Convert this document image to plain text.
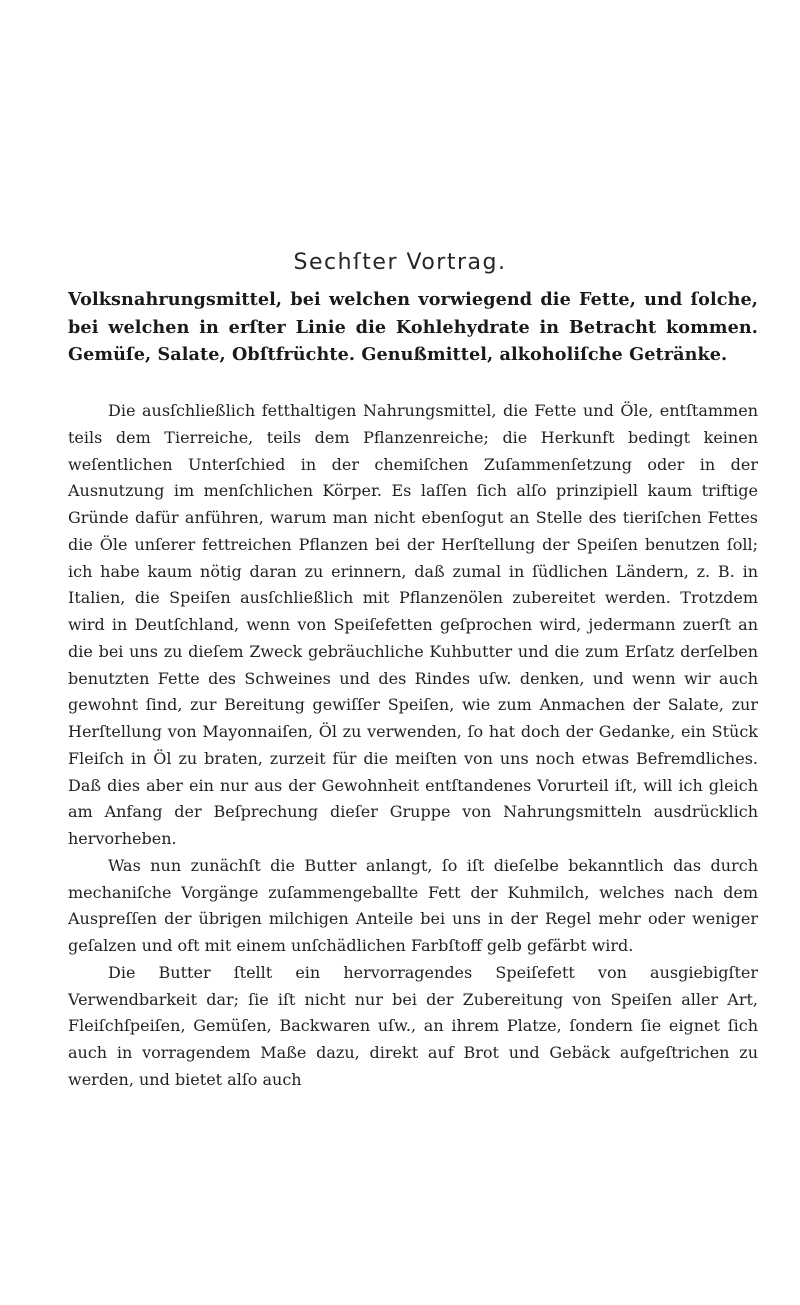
Sechſter Vortrag.
Volksnahrungsmittel, bei welchen vorwiegend die Fette, und ſolche, bei welchen in erſter Linie die Kohlehydrate in Betracht kommen. Gemüſe, Salate, Obſtfrüchte. Genußmittel, alkoholiſche Getränke.

Die ausſchließlich fetthaltigen Nahrungsmittel, die Fette und Öle, entſtammen teils dem Tierreiche, teils dem Pflanzenreiche; die Herkunft bedingt keinen weſentlichen Unterſchied in der chemiſchen Zuſammenſetzung oder in der Ausnutzung im menſchlichen Körper. Es laſſen ſich alſo prinzipiell kaum triftige Gründe dafür anführen, warum man nicht ebenſogut an Stelle des tieriſchen Fettes die Öle unſerer fettreichen Pflanzen bei der Herſtellung der Speiſen benutzen ſoll; ich habe kaum nötig daran zu erinnern, daß zumal in ſüdlichen Ländern, z. B. in Italien, die Speiſen ausſchließlich mit Pflanzenölen zubereitet werden. Trotzdem wird in Deutſchland, wenn von Speiſefetten geſprochen wird, jedermann zuerſt an die bei uns zu dieſem Zweck gebräuchliche Kuhbutter und die zum Erſatz derſelben benutzten Fette des Schweines und des Rindes uſw. denken, und wenn wir auch gewohnt ſind, zur Bereitung gewiſſer Speiſen, wie zum Anmachen der Salate, zur Herſtellung von Mayonnaiſen, Öl zu verwenden, ſo hat doch der Gedanke, ein Stück Fleiſch in Öl zu braten, zurzeit für die meiſten von uns noch etwas Befremdliches. Daß dies aber ein nur aus der Gewohnheit entſtandenes Vorurteil iſt, will ich gleich am Anfang der Beſprechung dieſer Gruppe von Nahrungsmitteln ausdrücklich hervorheben.

Was nun zunächſt die Butter anlangt, ſo iſt dieſelbe bekanntlich das durch mechaniſche Vorgänge zuſammengeballte Fett der Kuhmilch, welches nach dem Auspreſſen der übrigen milchigen Anteile bei uns in der Regel mehr oder weniger geſalzen und oft mit einem unſchädlichen Farbſtoff gelb gefärbt wird.

Die Butter ſtellt ein hervorragendes Speiſefett von ausgiebigſter Verwendbarkeit dar; ſie iſt nicht nur bei der Zubereitung von Speiſen aller Art, Fleiſchſpeiſen, Gemüſen, Backwaren uſw., an ihrem Platze, ſondern ſie eignet ſich auch in vorragendem Maße dazu, direkt auf Brot und Gebäck aufgeſtrichen zu werden, und bietet alſo auch
